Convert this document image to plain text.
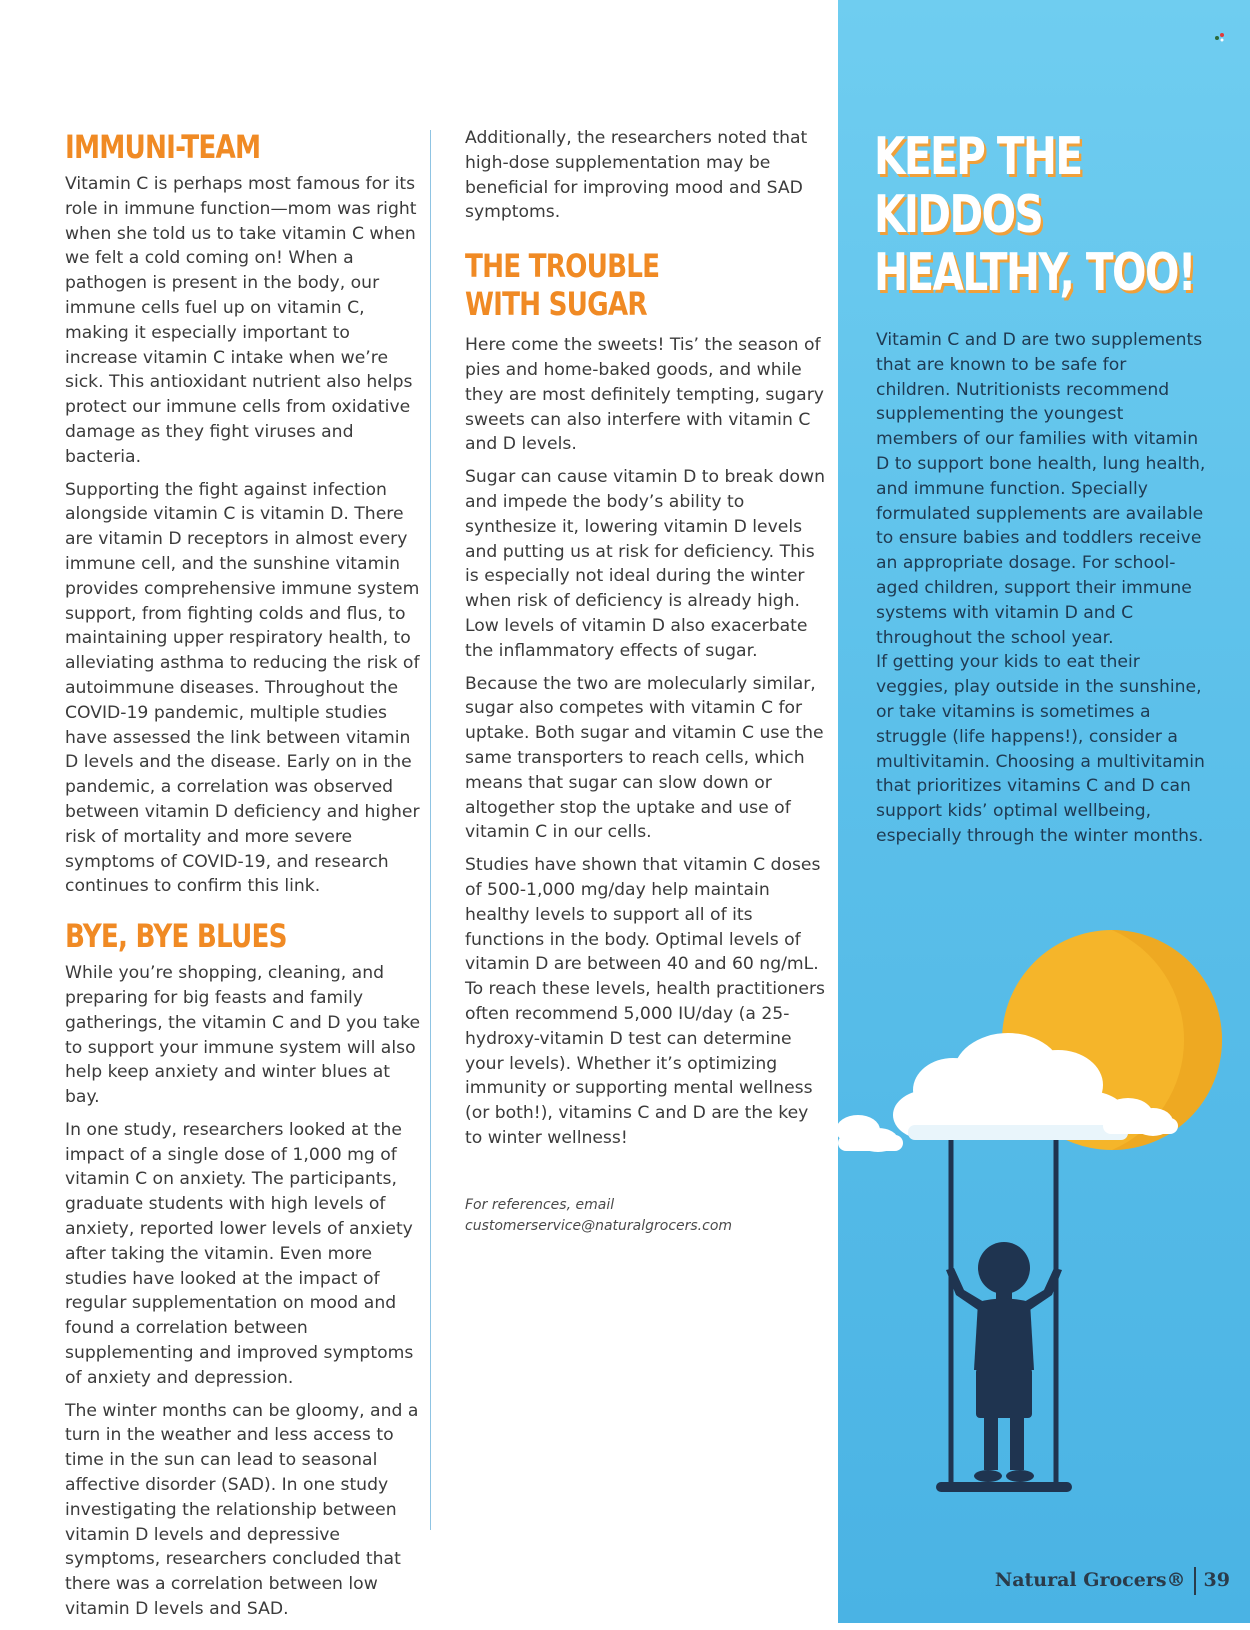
IMMUNI-TEAM

Vitamin C is perhaps most famous for its role in immune function—mom was right when she told us to take vitamin C when we felt a cold coming on! When a pathogen is present in the body, our immune cells fuel up on vitamin C, making it especially important to increase vitamin C intake when we’re sick. This antioxidant nutrient also helps protect our immune cells from oxidative damage as they fight viruses and bacteria.

Supporting the fight against infection alongside vitamin C is vitamin D. There are vitamin D receptors in almost every immune cell, and the sunshine vitamin provides comprehensive immune system support, from fighting colds and flus, to maintaining upper respiratory health, to alleviating asthma to reducing the risk of autoimmune diseases. Throughout the COVID-19 pandemic, multiple studies have assessed the link between vitamin D levels and the disease. Early on in the pandemic, a correlation was observed between vitamin D deficiency and higher risk of mortality and more severe symptoms of COVID-19, and research continues to confirm this link.

BYE, BYE BLUES

While you’re shopping, cleaning, and preparing for big feasts and family gatherings, the vitamin C and D you take to support your immune system will also help keep anxiety and winter blues at bay.

In one study, researchers looked at the impact of a single dose of 1,000 mg of vitamin C on anxiety. The participants, graduate students with high levels of anxiety, reported lower levels of anxiety after taking the vitamin. Even more studies have looked at the impact of regular supplementation on mood and found a correlation between supplementing and improved symptoms of anxiety and depression.

The winter months can be gloomy, and a turn in the weather and less access to time in the sun can lead to seasonal affective disorder (SAD). In one study investigating the relationship between vitamin D levels and depressive symptoms, researchers concluded that there was a correlation between low vitamin D levels and SAD.

Additionally, the researchers noted that high-dose supplementation may be beneficial for improving mood and SAD symptoms.

THE TROUBLE
WITH SUGAR

Here come the sweets! Tis’ the season of pies and home-baked goods, and while they are most definitely tempting, sugary sweets can also interfere with vitamin C and D levels.

Sugar can cause vitamin D to break down and impede the body’s ability to synthesize it, lowering vitamin D levels and putting us at risk for deficiency. This is especially not ideal during the winter when risk of deficiency is already high. Low levels of vitamin D also exacerbate the inflammatory effects of sugar.

Because the two are molecularly similar, sugar also competes with vitamin C for uptake. Both sugar and vitamin C use the same transporters to reach cells, which means that sugar can slow down or altogether stop the uptake and use of vitamin C in our cells.

Studies have shown that vitamin C doses of 500-1,000 mg/day help maintain healthy levels to support all of its functions in the body. Optimal levels of vitamin D are between 40 and 60 ng/mL. To reach these levels, health practitioners often recommend 5,000 IU/day (a 25-hydroxy-vitamin D test can determine your levels). Whether it’s optimizing immunity or supporting mental wellness (or both!), vitamins C and D are the key to winter wellness!

For references, email
customerservice@naturalgrocers.com
KEEP THE
KIDDOS
HEALTHY, TOO!

Vitamin C and D are two supplements that are known to be safe for children. Nutritionists recommend supplementing the youngest members of our families with vitamin D to support bone health, lung health, and immune function. Specially formulated supplements are available to ensure babies and toddlers receive an appropriate dosage. For school-aged children, support their immune systems with vitamin D and C throughout the school year.

If getting your kids to eat their veggies, play outside in the sunshine, or take vitamins is sometimes a struggle (life happens!), consider a multivitamin. Choosing a multivitamin that prioritizes vitamins C and D can support kids’ optimal wellbeing, especially through the winter months.

Natural Grocers® 39
